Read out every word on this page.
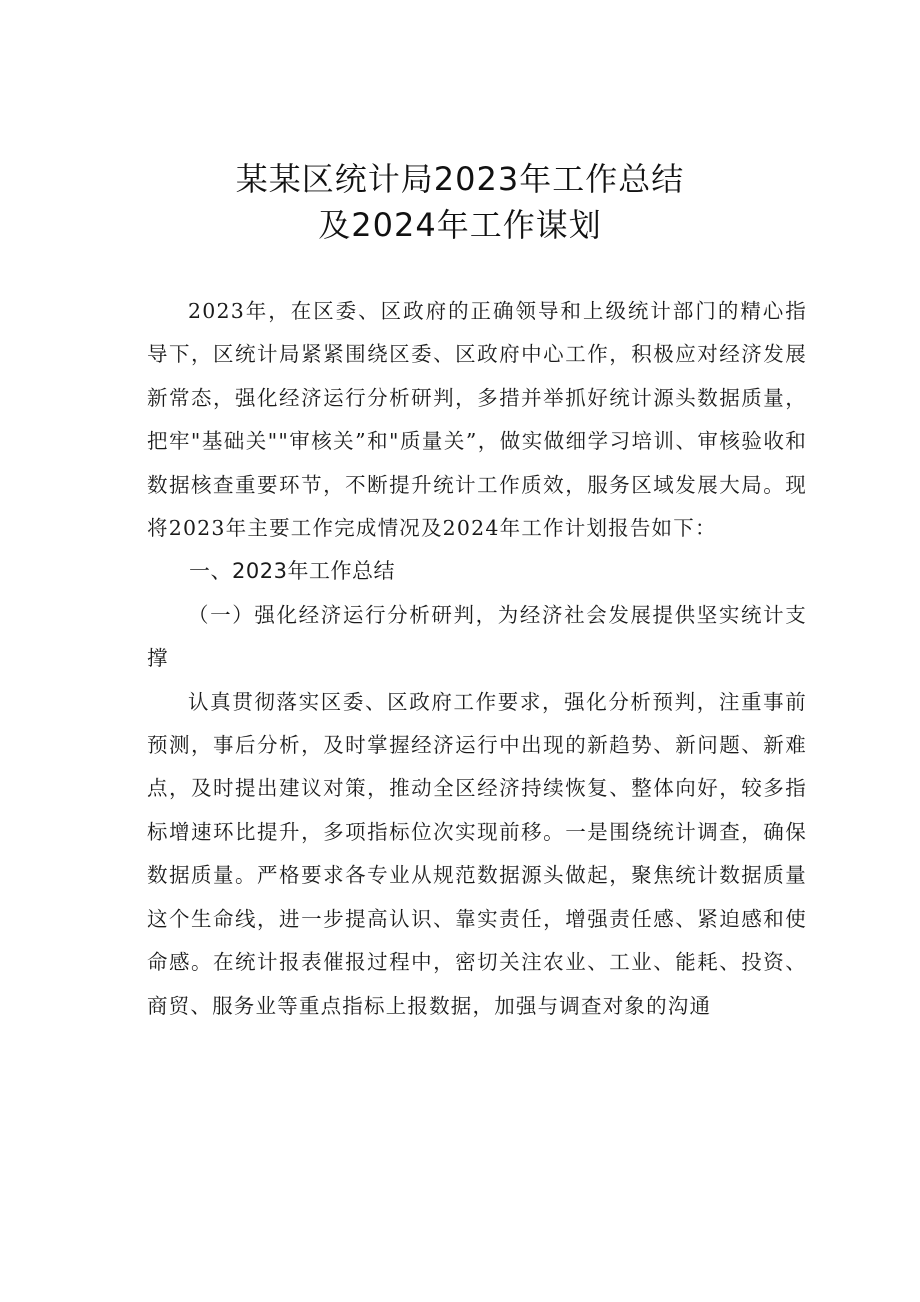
某某区统计局2023年工作总结
及2024年工作谋划

2023年，在区委、区政府的正确领导和上级统计部门的精心指导下，区统计局紧紧围绕区委、区政府中心工作，积极应对经济发展新常态，强化经济运行分析研判，多措并举抓好统计源头数据质量，把牢"基础关""审核关”和"质量关”，做实做细学习培训、审核验收和数据核查重要环节，不断提升统计工作质效，服务区域发展大局。现将2023年主要工作完成情况及2024年工作计划报告如下：

一、2023年工作总结

（一）强化经济运行分析研判，为经济社会发展提供坚实统计支撑

认真贯彻落实区委、区政府工作要求，强化分析预判，注重事前预测，事后分析，及时掌握经济运行中出现的新趋势、新问题、新难点，及时提出建议对策，推动全区经济持续恢复、整体向好，较多指标增速环比提升，多项指标位次实现前移。一是围绕统计调查，确保数据质量。严格要求各专业从规范数据源头做起，聚焦统计数据质量这个生命线，进一步提高认识、靠实责任，增强责任感、紧迫感和使命感。在统计报表催报过程中，密切关注农业、工业、能耗、投资、商贸、服务业等重点指标上报数据，加强与调查对象的沟通
